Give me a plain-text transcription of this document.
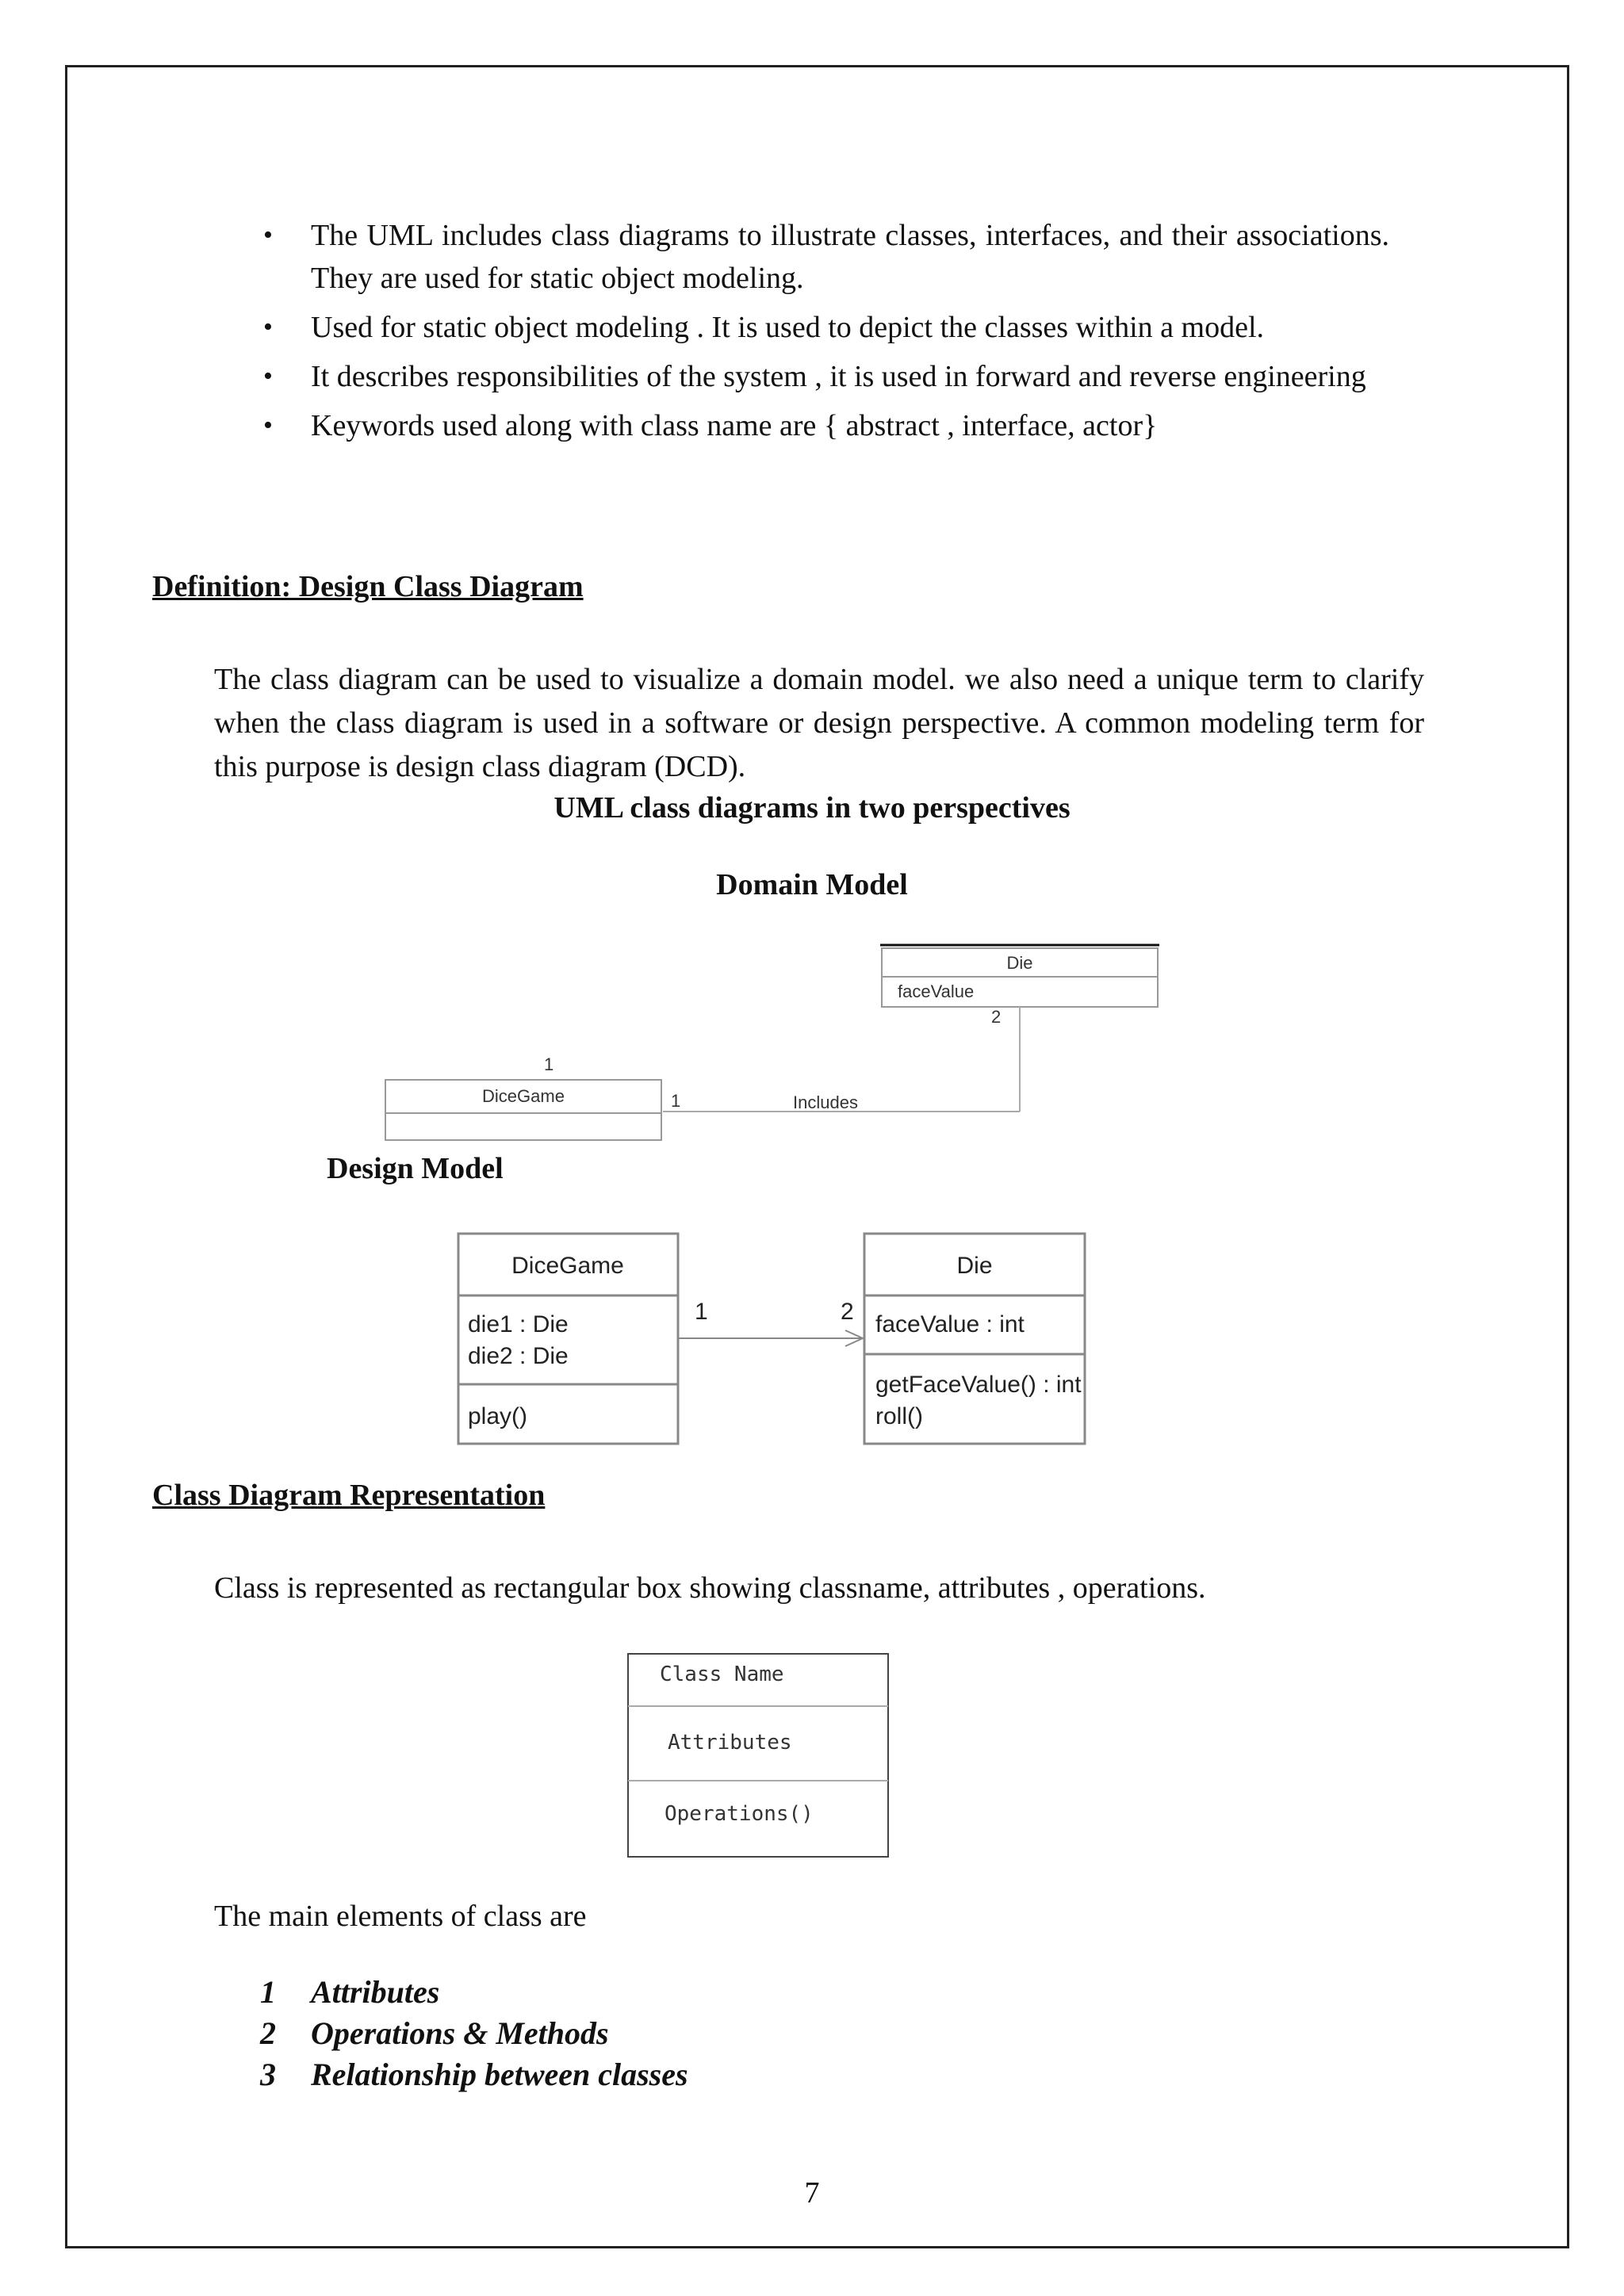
• The UML includes class diagrams to illustrate classes, interfaces, and their associations. They are used for static object modeling.
• Used for static object modeling . It is used to depict the classes within a model.
• It describes responsibilities of the system , it is used in forward and reverse engineering
• Keywords used along with class name are { abstract , interface, actor}
Definition: Design Class Diagram
The class diagram can be used to visualize a domain model. we also need a unique term to clarify when the class diagram is used in a software or design perspective. A common modeling term for this purpose is design class diagram (DCD).
UML class diagrams in two perspectives
Domain Model
Die
faceValue
2
Includes
1
1
DiceGame
Design Model
DiceGame
die1 : Die
die2 : Die
play()
1	2
Die
faceValue : int
getFaceValue() : int
roll()
Class Diagram Representation
Class is represented as rectangular box showing classname, attributes , operations.
Class Name
Attributes
Operations()
The main elements of class are
1 Attributes
2 Operations & Methods
3 Relationship between classes
7
